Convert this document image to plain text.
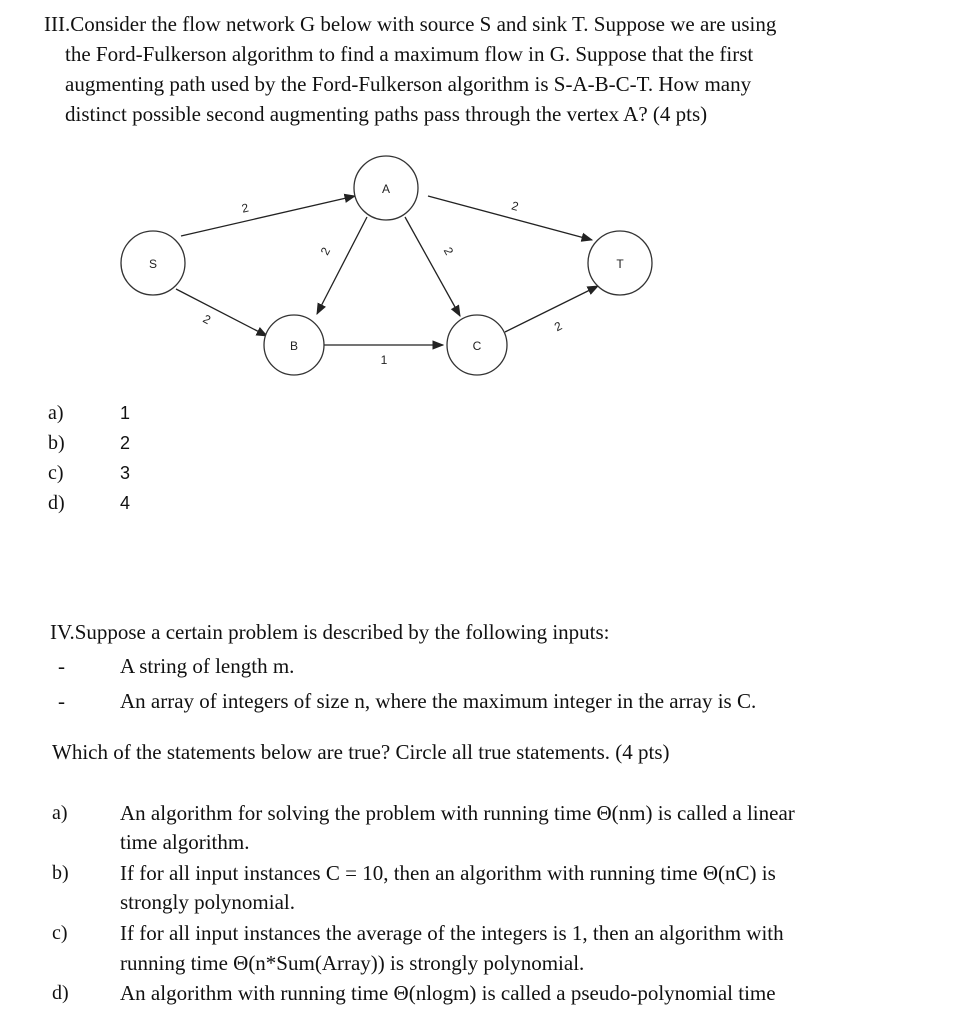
III.Consider the flow network G below with source S and sink T. Suppose we are using
the Ford-Fulkerson algorithm to find a maximum flow in G. Suppose that the first
augmenting path used by the Ford-Fulkerson algorithm is S-A-B-C-T. How many
distinct possible second augmenting paths pass through the vertex A? (4 pts)
S
A
B	C
T
2
2
2	2
2
1
2
a)	1
b)	2
c)	3
d)	4
IV.Suppose a certain problem is described by the following inputs:
-	A string of length m.
-	An array of integers of size n, where the maximum integer in the array is C.
Which of the statements below are true? Circle all true statements. (4 pts)
a) An algorithm for solving the problem with running time Θ(nm) is called a linear
time algorithm.
b) If for all input instances C = 10, then an algorithm with running time Θ(nC) is
strongly polynomial.
c) If for all input instances the average of the integers is 1, then an algorithm with
running time Θ(n*Sum(Array)) is strongly polynomial.
d) An algorithm with running time Θ(nlogm) is called a pseudo-polynomial time
